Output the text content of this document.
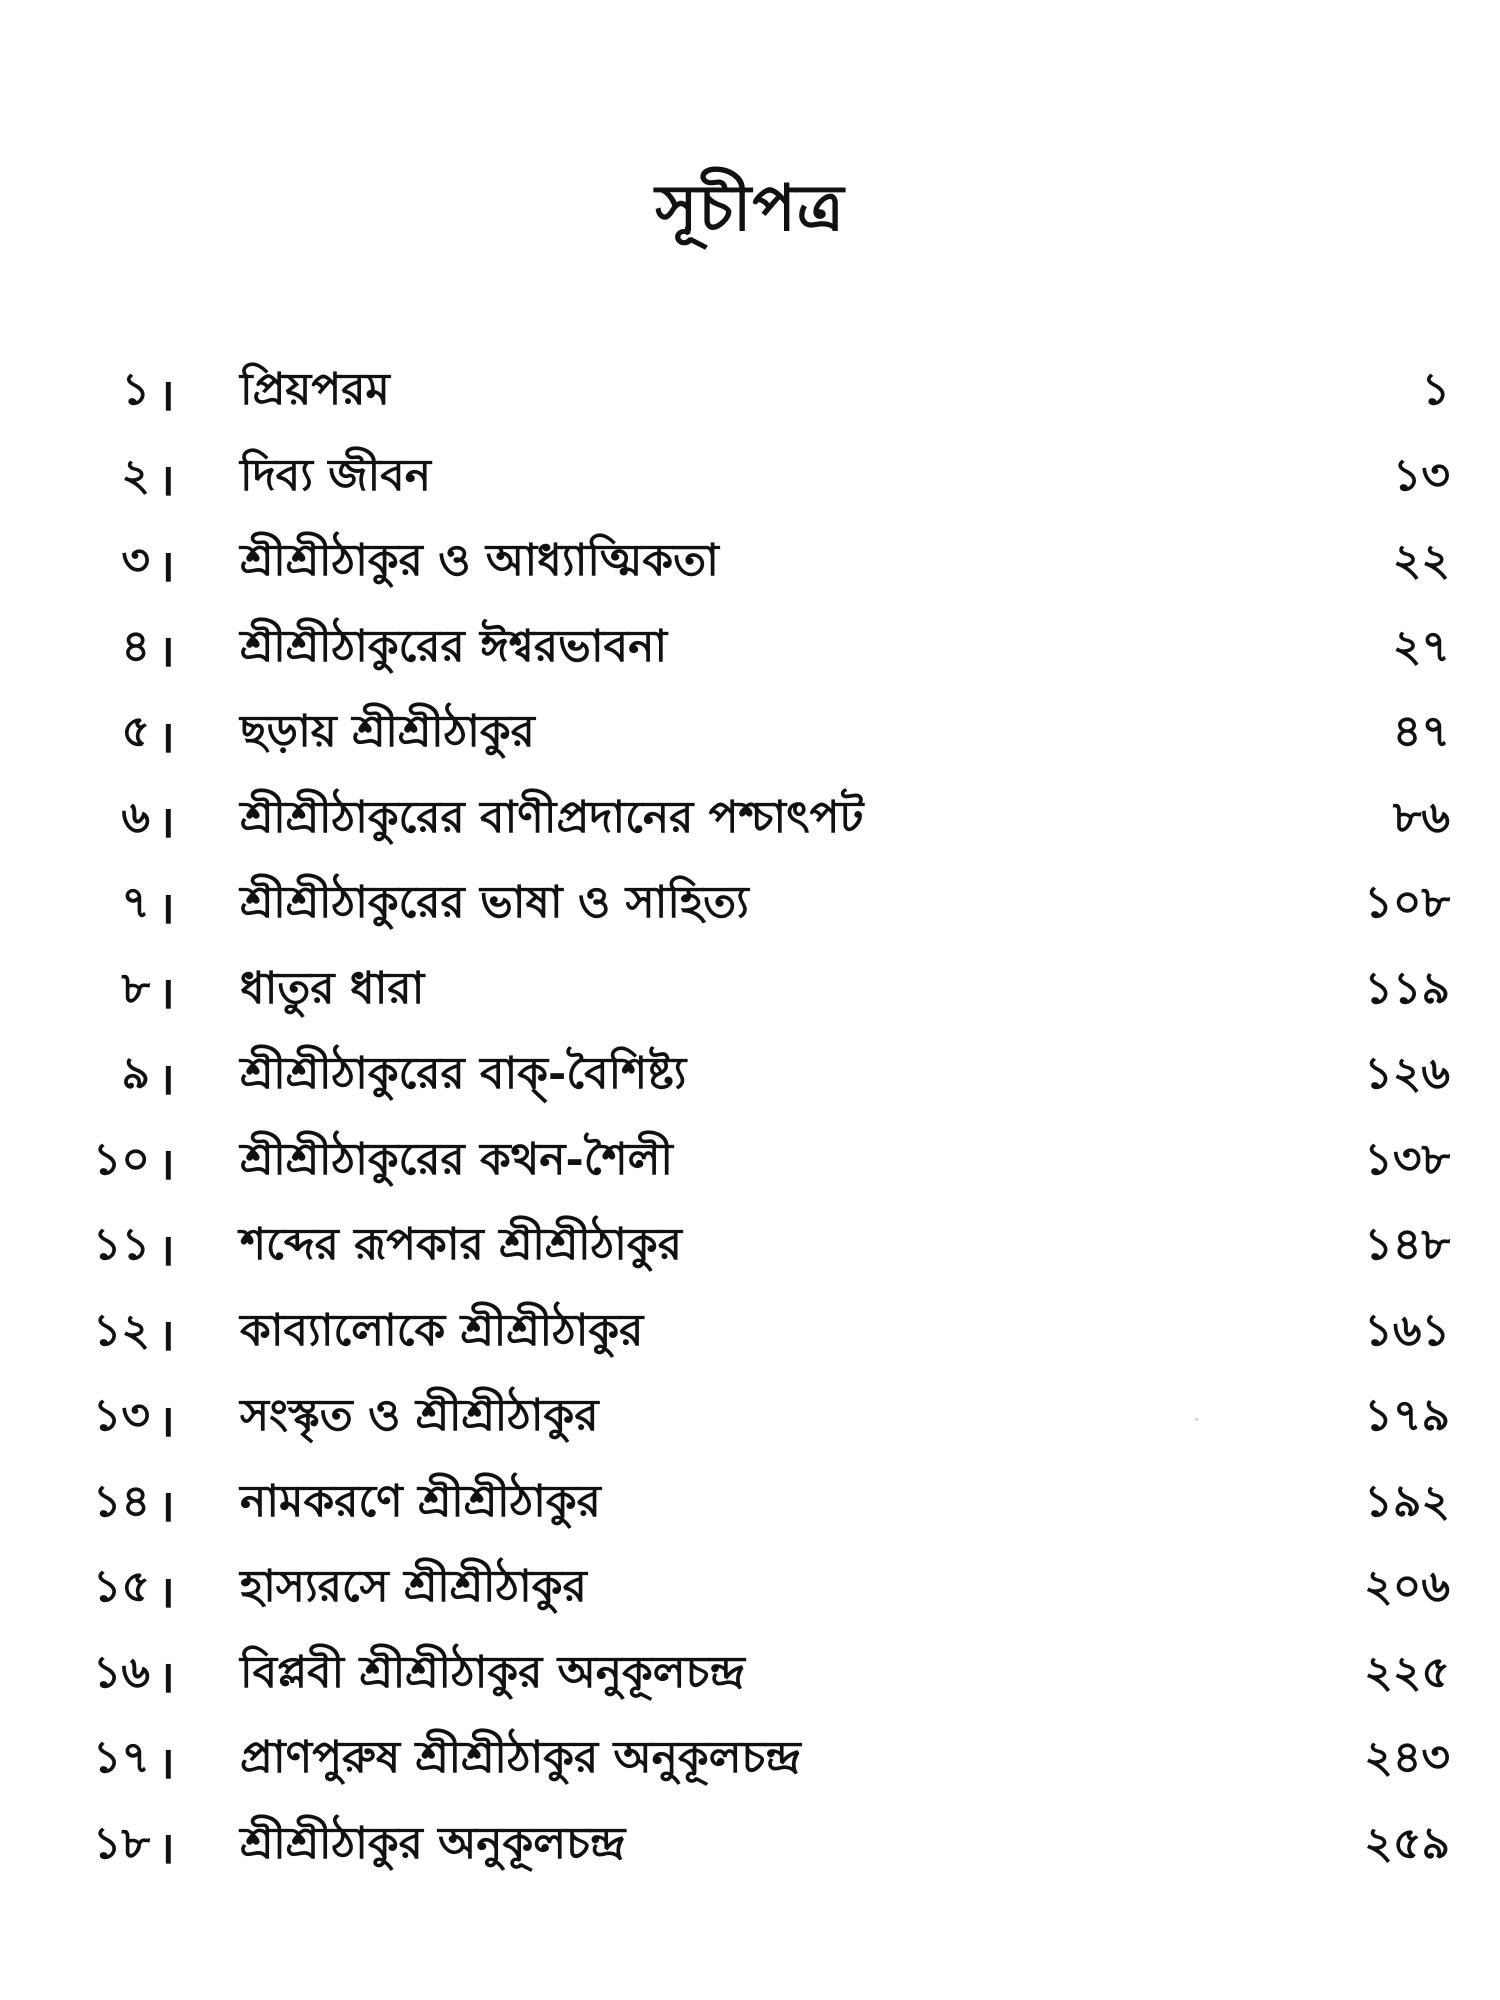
সূচীপত্র
১ ।	প্রিয়পরম	১
২ ।	দিব্য জীবন	১৩
৩ ।	শ্রীশ্রীঠাকুর ও আধ্যাত্মিকতা	২২
৪ ।	শ্রীশ্রীঠাকুরের ঈশ্বরভাবনা	২৭
৫ ।	ছড়ায় শ্রীশ্রীঠাকুর	৪৭
৬ ।	শ্রীশ্রীঠাকুরের বাণীপ্রদানের পশ্চাৎপট	৮৬
৭ ।	শ্রীশ্রীঠাকুরের ভাষা ও সাহিত্য	১০৮
৮ ।	ধাতুর ধারা	১১৯
৯ ।	শ্রীশ্রীঠাকুরের বাক্-বৈশিষ্ট্য	১২৬
১০ ।	শ্রীশ্রীঠাকুরের কথন-শৈলী	১৩৮
১১ ।	শব্দের রূপকার শ্রীশ্রীঠাকুর	১৪৮
১২ ।	কাব্যালোকে শ্রীশ্রীঠাকুর	১৬১
১৩ ।	সংস্কৃত ও শ্রীশ্রীঠাকুর	১৭৯
১৪ ।	নামকরণে শ্রীশ্রীঠাকুর	১৯২
১৫ ।	হাস্যরসে শ্রীশ্রীঠাকুর	২০৬
১৬ ।	বিপ্লবী শ্রীশ্রীঠাকুর অনুকূলচন্দ্র	২২৫
১৭ ।	প্রাণপুরুষ শ্রীশ্রীঠাকুর অনুকূলচন্দ্র	২৪৩
১৮ ।	শ্রীশ্রীঠাকুর অনুকূলচন্দ্র	২৫৯
